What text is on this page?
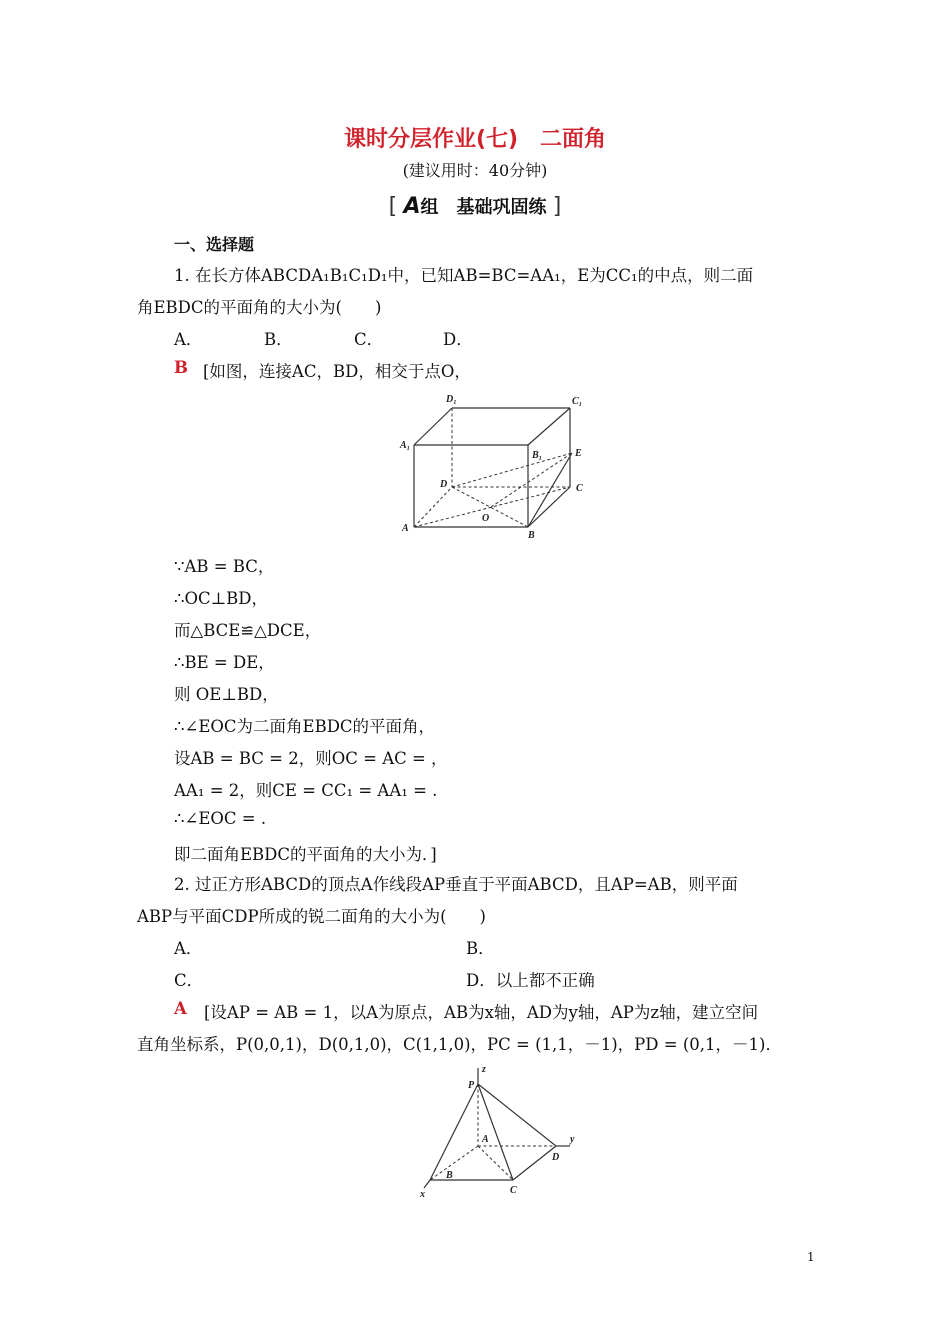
课时分层作业(七)　二面角
(建议用时：40分钟)
[ A组　基础巩固练 ]
一、选择题
1. 在长方体ABCDA₁B₁C₁D₁中，已知AB=BC=AA₁，E为CC₁的中点，则二面
角EBDC的平面角的大小为(　　)
A．	B．	C．	D．
B [如图，连接AC，BD，相交于点O，
D₁	C₁
A₁
B₁	E
D	C
O
A
B
∵AB = BC，
∴OC⊥BD，
而△BCE≌△DCE，
∴BE = DE，
则 OE⊥BD，
∴∠EOC为二面角EBDC的平面角，
设AB = BC = 2，则OC = AC = ，
AA₁ = 2，则CE = CC₁ = AA₁ = .
∴∠EOC = .
即二面角EBDC的平面角的大小为．]
2. 过正方形ABCD的顶点A作线段AP垂直于平面ABCD，且AP=AB，则平面
ABP与平面CDP所成的锐二面角的大小为(　　)
A．	B．
C．	D．以上都不正确
A [设AP = AB = 1，以A为原点，AB为x轴，AD为y轴，AP为z轴，建立空间
直角坐标系，P(0,0,1)，D(0,1,0)，C(1,1,0)，PC = (1,1，－1)，PD = (0,1，－1)．
z
P
y
A
D
B
C
x
1
